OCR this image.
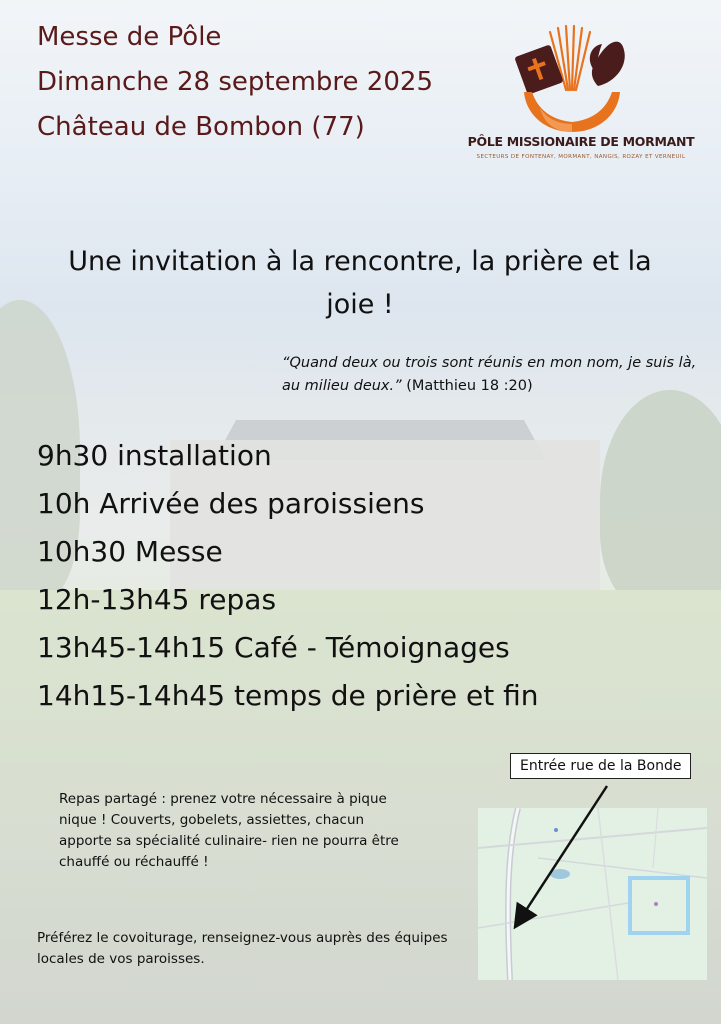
Messe de Pôle
Dimanche 28 septembre 2025
Château de Bombon (77)	PÔLE MISSIONAIRE DE MORMANT
SECTEURS DE FONTENAY, MORMANT, NANGIS, ROZAY ET VERNEUIL

Une invitation à la rencontre, la prière et la
joie !

“Quand deux ou trois sont réunis en mon nom, je suis là, au milieu deux.” (Matthieu 18 :20)

9h30 installation
10h Arrivée des paroissiens
10h30 Messe
12h-13h45 repas
13h45-14h15 Café - Témoignages
14h15-14h45 temps de prière et fin

Repas partagé : prenez votre nécessaire à pique nique ! Couverts, gobelets, assiettes, chacun apporte sa spécialité culinaire- rien ne pourra être chauffé ou réchauffé !

Préférez le covoiturage, renseignez-vous auprès des équipes locales de vos paroisses.

Entrée rue de la Bonde
